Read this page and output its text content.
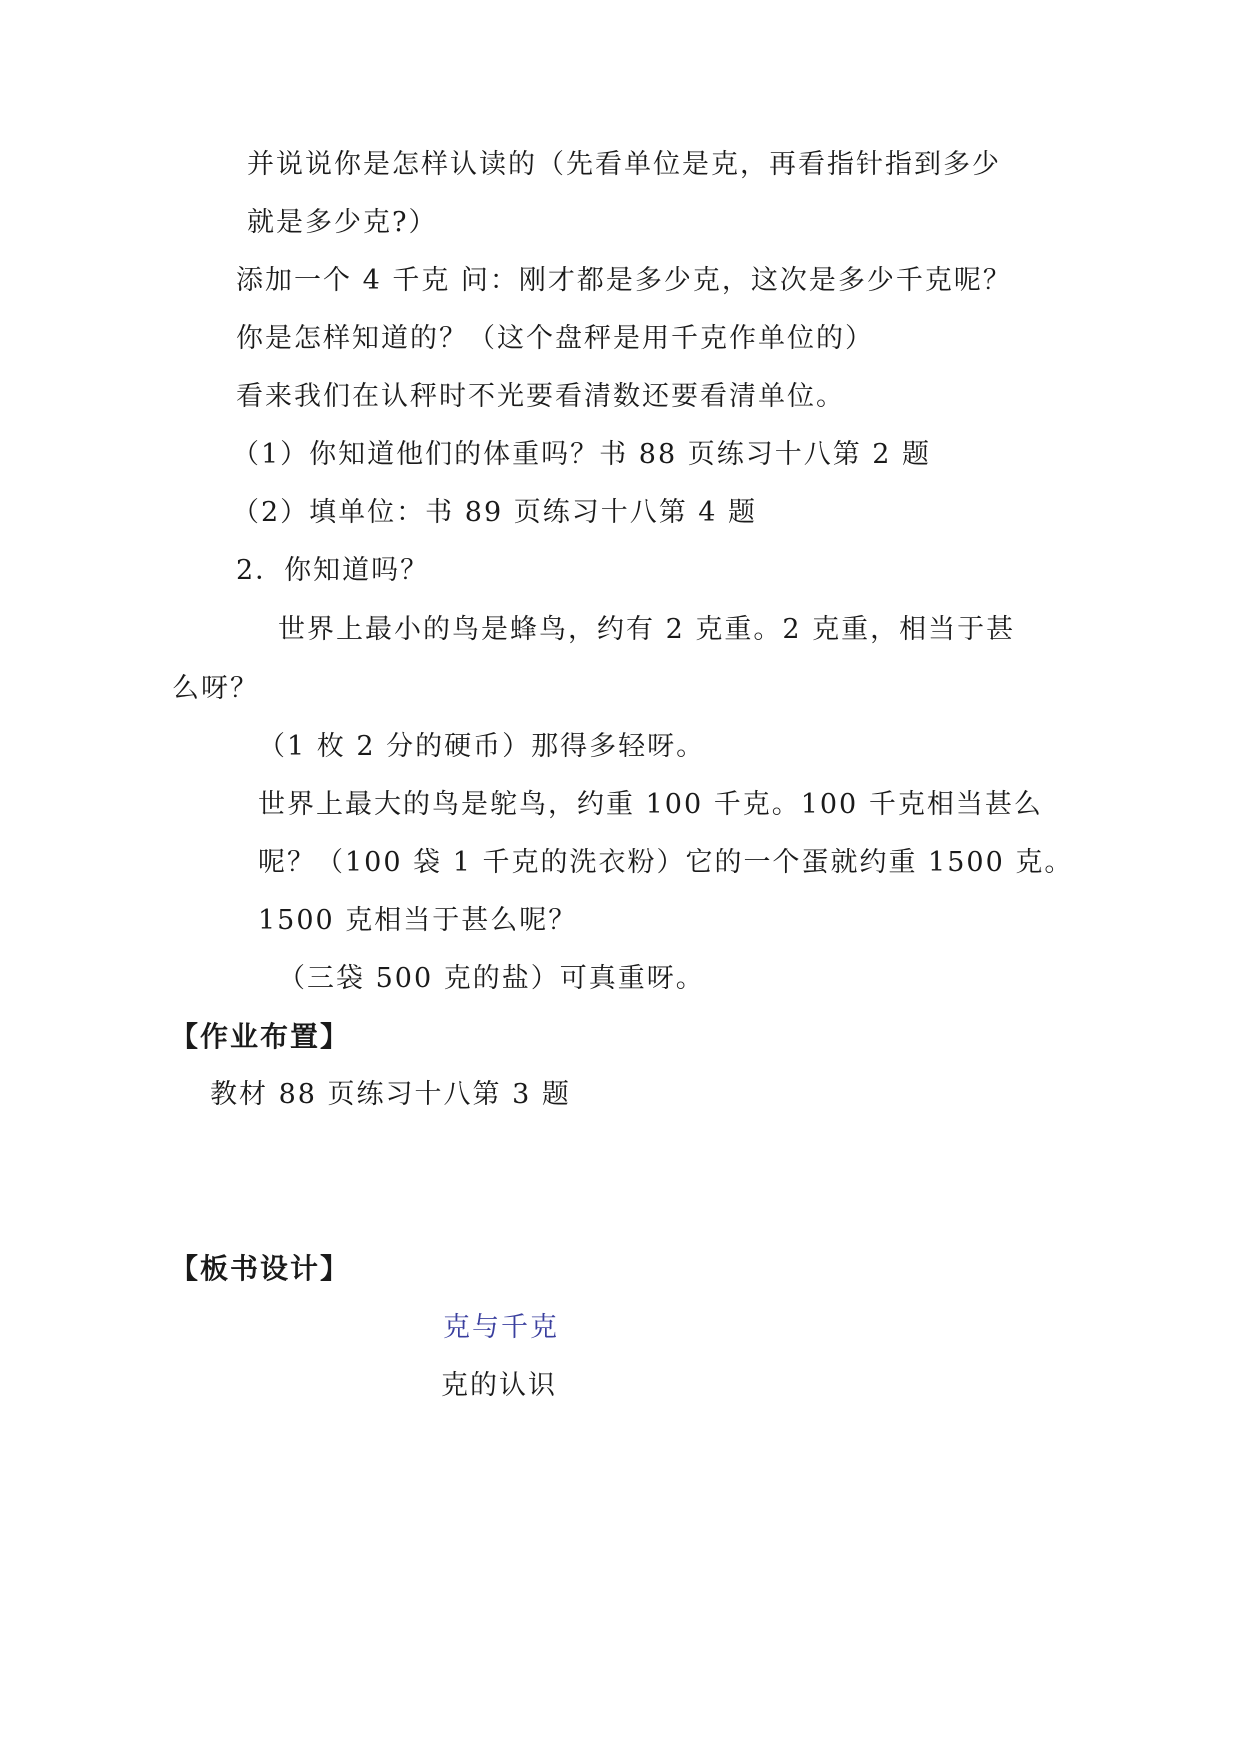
并说说你是怎样认读的（先看单位是克，再看指针指到多少
就是多少克?）
添加一个 4 千克 问：刚才都是多少克，这次是多少千克呢？
你是怎样知道的？（这个盘秤是用千克作单位的）
看来我们在认秤时不光要看清数还要看清单位。
（1）你知道他们的体重吗？书 88 页练习十八第 2 题
（2）填单位：书 89 页练习十八第 4 题
2．你知道吗？
世界上最小的鸟是蜂鸟，约有 2 克重。2 克重，相当于甚
么呀？
（1 枚 2 分的硬币）那得多轻呀。
世界上最大的鸟是鸵鸟，约重 100 千克。100 千克相当甚么
呢？（100 袋 1 千克的洗衣粉）它的一个蛋就约重 1500 克。
1500 克相当于甚么呢？
（三袋 500 克的盐）可真重呀。
【作业布置】
教材 88 页练习十八第 3 题
【板书设计】
克与千克
克的认识
